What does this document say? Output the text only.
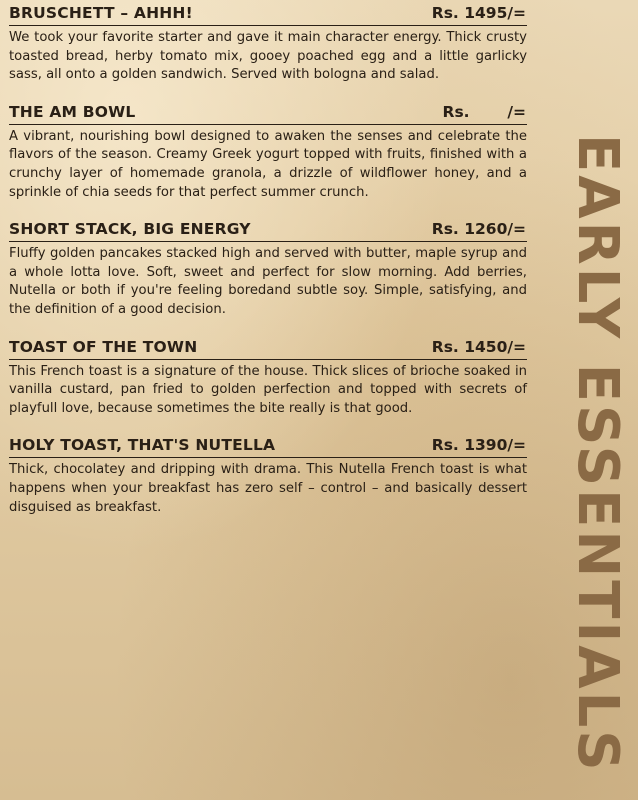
BRUSCHETT – AHHH!	Rs. 1495/=

We took your favorite starter and gave it main character energy. Thick crusty toasted bread, herby tomato mix, gooey poached egg and a little garlicky sass, all onto a golden sandwich. Served with bologna and salad.

THE AM BOWL	Rs.       /=

A vibrant, nourishing bowl designed to awaken the senses and celebrate the flavors of the season. Creamy Greek yogurt topped with fruits, finished with a crunchy layer of homemade granola, a drizzle of wildflower honey, and a sprinkle of chia seeds for that perfect summer crunch.

SHORT STACK, BIG ENERGY	Rs. 1260/=

Fluffy golden pancakes stacked high and served with butter, maple syrup and a whole lotta love. Soft, sweet and perfect for slow morning. Add berries, Nutella or both if you're feeling boredand subtle soy. Simple, satisfying, and the definition of a good decision.

TOAST OF THE TOWN	Rs. 1450/=

This French toast is a signature of the house. Thick slices of brioche soaked in vanilla custard, pan fried to golden perfection and topped with secrets of playfull love, because sometimes the bite really is that good.

HOLY TOAST, THAT'S NUTELLA	Rs. 1390/=

Thick, chocolatey and dripping with drama. This Nutella French toast is what happens when your breakfast has zero self – control – and basically dessert disguised as breakfast.	EARLY ESSENTIALS
